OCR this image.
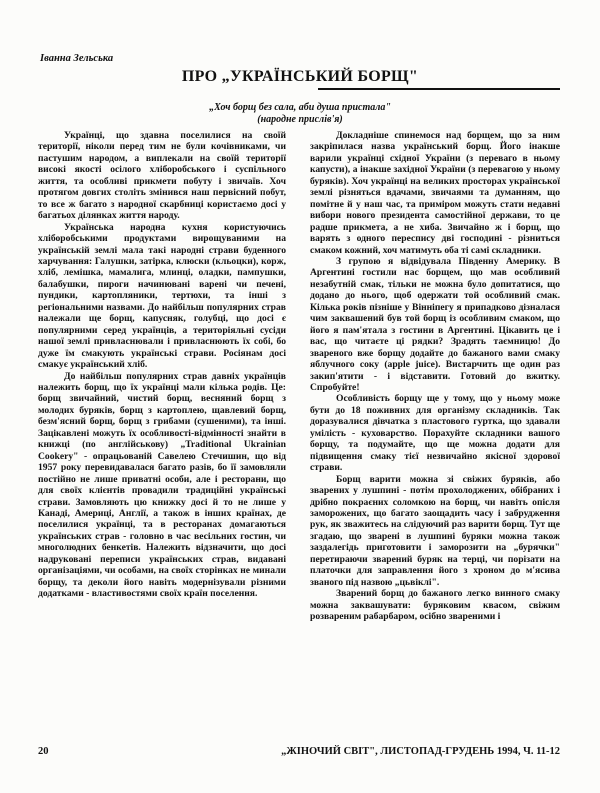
Іванна Зельська
ПРО „УКРАЇНСЬКИЙ БОРЩ"
„Хоч борщ без сала, аби душа пристала"
(народне прислів'я)

Українці, що здавна поселилися на своїй території, ніколи перед тим не були кочівниками, чи пастушим народом, а виплекали на своїй території високі якості осілого хліборобського і суспільного життя, та особливі прикмети побуту і звичаїв. Хоч протягом довгих століть змінився наш первісний побут, то все ж багато з народної скарбниці користаємо досі у багатьох ділянках життя народу.

Українська народна кухня користуючись хліборобськими продуктами вирощуваними на українській землі мала такі народні страви буденного харчування: Галушки, затірка, клюски (кльоцки), корж, хліб, лемішка, мамалига, млинці, оладки, пампушки, балабушки, пироги начинювані варені чи печені, пундики, картопляники, тертюхи, та інші з регіональними назвами. До найбільш популярних страв належали ще борщ, капусняк, голубці, що досі є популярними серед українців, а територіяльні сусіди нашої землі привласнювали і привласнюють їх собі, бо дуже їм смакують українські страви. Росіянам досі смакує український хліб.

До найбільш популярних страв давніх українців належить борщ, що їх українці мали кілька родів. Це: борщ звичайний, чистий борщ, весняний борщ з молодих буряків, борщ з картоплею, щавлевий борщ, безм'ясний борщ, борщ з грибами (сушеними), та інші. Зацікавлені можуть їх особливості-відмінності знайти в книжці (по англійськову) „Traditional Ukrainian Cookery" - опрацьованій Савелею Стечишин, що від 1957 року перевидавалася багато разів, бо її замовляли постійно не лише приватні особи, але і ресторани, що для своїх клієнтів провадили традиційні українські страви. Замовляють цю книжку досі й то не лише у Канаді, Америці, Англії, а також в інших країнах, де поселилися українці, та в ресторанах домагаються українських страв - головно в час весільних гостин, чи многолюдних бенкетів. Належить відзначити, що досі надруковані переписи українських страв, видавані організаціями, чи особами, на своїх сторінках не минали борщу, та деколи його навіть модернізували різними додатками - властивостями своїх країн поселення.

Докладніше спинемося над борщем, що за ним закріпилася назва український борщ. Його інакше варили українці східної України (з переваго в ньому капусти), а інакше західної України (з перевагою у ньому буряків). Хоч українці на великих просторах української землі різняться вдачами, звичаями та думанням, що помітне й у наш час, та приміром можуть стати недавні вибори нового президента самостійної держави, то це радше прикмета, а не хиба. Звичайно ж і борщ, що варять з одного переспису дві господині - різниться смаком кожний, хоч матимуть оба ті самі складники.

З групою я відвідувала Південну Америку. В Аргентині гостили нас борщем, що мав особливий незабутній смак, тільки не можна було допитатися, що додано до нього, щоб одержати той особливий смак. Кілька років пізніше у Вінніпегу я припадково дізналася чим заквашений був той борщ із особливим смаком, що його я пам'ятала з гостини в Аргентині. Цікавить це і вас, що читаєте ці рядки? Зрадять таємницю! До звареного вже борщу додайте до бажаного вами смаку яблучного соку (apple juice). Вистарчить ще один раз закип'ятити - і відставити. Готовий до вжитку. Спробуйте!

Особливість борщу ще у тому, що у ньому може бути до 18 поживних для організму складників. Так доразувалися дівчатка з пластового гуртка, що здавали уміліcть - куховарство. Порахуйте складники вашого борщу, та подумайте, що ще можна додати для підвищення смаку тієї незвичайно якісної здорової страви.

Борщ варити можна зі свіжих буряків, або зварених у лушпині - потім прохолоджених, обібраних і дрібно покраєних соломкою на борщ, чи навіть опісля заморожених, що багато заощадить часу і забрудження рук, як зважитесь на слідуючий раз варити борщ. Тут ще згадаю, що зварені в лушпині буряки можна також заздалегідь приготовити і заморозити на „бурячки" перетираючи зварений буряк на терці, чи порізати на платочки для заправлення його з хроном до м'ясива званого під назвою „цьвіклі".

Зварений борщ до бажаного легко винного смаку можна заквашувати: буряковим квасом, свіжим розвареним рабарбаром, осібно звареними і

20	„ЖІНОЧИЙ СВІТ", ЛИСТОПАД-ГРУДЕНЬ 1994, Ч. 11-12
